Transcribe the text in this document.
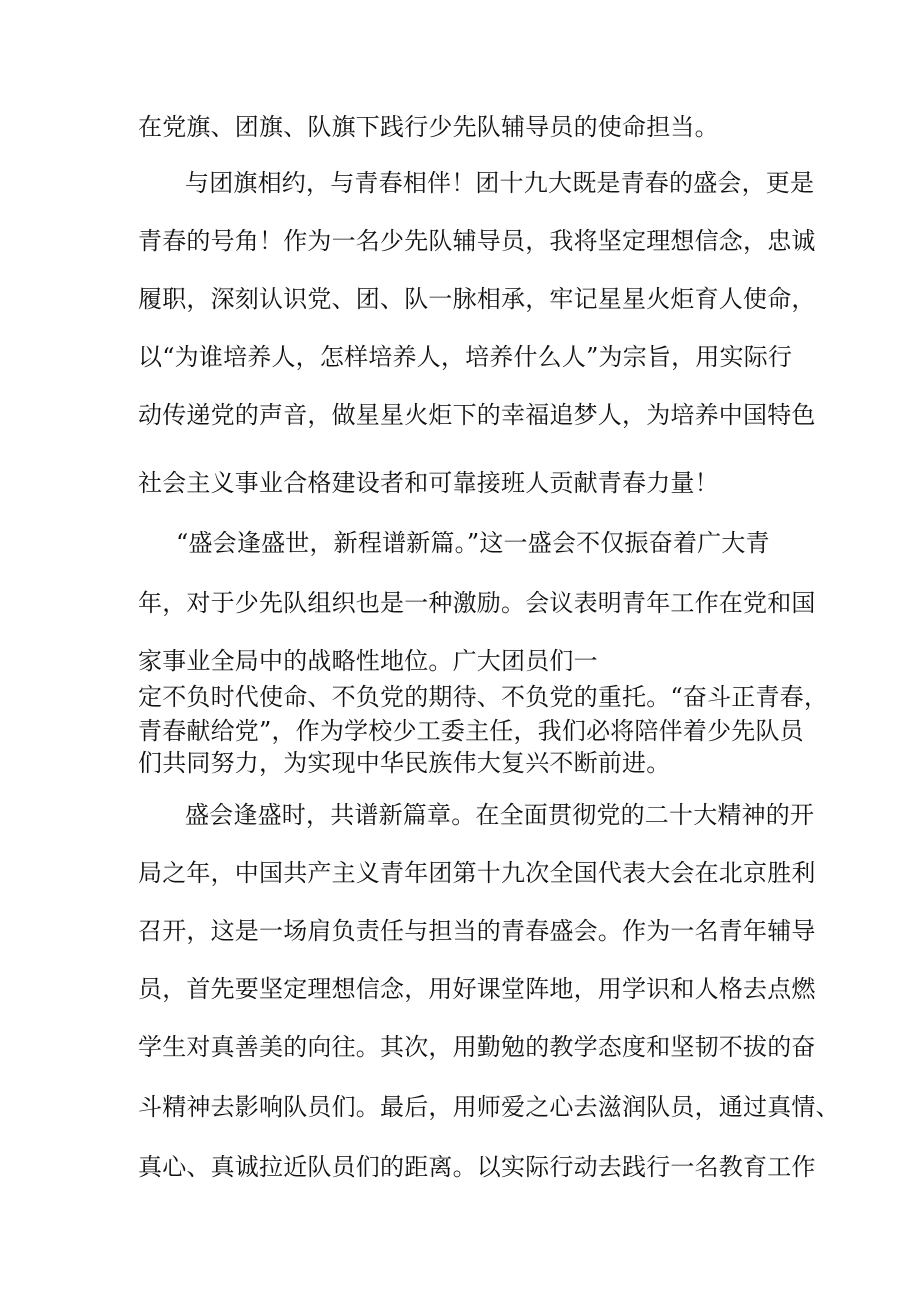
在党旗、团旗、队旗下践行少先队辅导员的使命担当。
与团旗相约，与青春相伴！团十九大既是青春的盛会，更是
青春的号角！作为一名少先队辅导员，我将坚定理想信念，忠诚
履职，深刻认识党、团、队一脉相承，牢记星星火炬育人使命，
以“为谁培养人，怎样培养人，培养什么人”为宗旨，用实际行
动传递党的声音，做星星火炬下的幸福追梦人，为培养中国特色
社会主义事业合格建设者和可靠接班人贡献青春力量！
“盛会逢盛世，新程谱新篇。”这一盛会不仅振奋着广大青
年，对于少先队组织也是一种激励。会议表明青年工作在党和国
家事业全局中的战略性地位。广大团员们一
定不负时代使命、不负党的期待、不负党的重托。“奋斗正青春，
青春献给党”，作为学校少工委主任，我们必将陪伴着少先队员
们共同努力，为实现中华民族伟大复兴不断前进。
盛会逢盛时，共谱新篇章。在全面贯彻党的二十大精神的开
局之年，中国共产主义青年团第十九次全国代表大会在北京胜利
召开，这是一场肩负责任与担当的青春盛会。作为一名青年辅导
员，首先要坚定理想信念，用好课堂阵地，用学识和人格去点燃
学生对真善美的向往。其次，用勤勉的教学态度和坚韧不拔的奋
斗精神去影响队员们。最后，用师爱之心去滋润队员，通过真情、
真心、真诚拉近队员们的距离。以实际行动去践行一名教育工作
